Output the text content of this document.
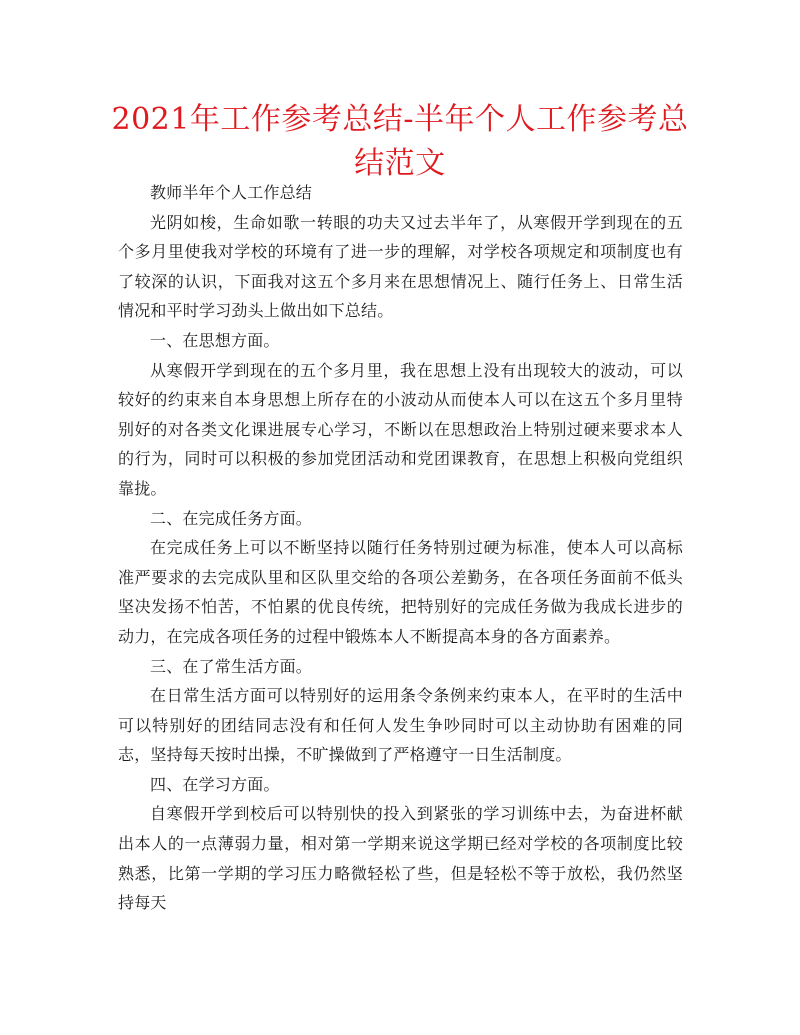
2021年工作参考总结-半年个人工作参考总结范文

教师半年个人工作总结

光阴如梭，生命如歌一转眼的功夫又过去半年了，从寒假开学到现在的五个多月里使我对学校的环境有了进一步的理解，对学校各项规定和项制度也有了较深的认识，下面我对这五个多月来在思想情况上、随行任务上、日常生活情况和平时学习劲头上做出如下总结。

一、在思想方面。

从寒假开学到现在的五个多月里，我在思想上没有出现较大的波动，可以较好的约束来自本身思想上所存在的小波动从而使本人可以在这五个多月里特别好的对各类文化课进展专心学习，不断以在思想政治上特别过硬来要求本人的行为，同时可以积极的参加党团活动和党团课教育，在思想上积极向党组织靠拢。

二、在完成任务方面。

在完成任务上可以不断坚持以随行任务特别过硬为标准，使本人可以高标准严要求的去完成队里和区队里交给的各项公差勤务，在各项任务面前不低头坚决发扬不怕苦，不怕累的优良传统，把特别好的完成任务做为我成长进步的动力，在完成各项任务的过程中锻炼本人不断提高本身的各方面素养。

三、在了常生活方面。

在日常生活方面可以特别好的运用条令条例来约束本人，在平时的生活中可以特别好的团结同志没有和任何人发生争吵同时可以主动协助有困难的同志，坚持每天按时出操，不旷操做到了严格遵守一日生活制度。

四、在学习方面。

自寒假开学到校后可以特别快的投入到紧张的学习训练中去，为奋进杯献出本人的一点薄弱力量，相对第一学期来说这学期已经对学校的各项制度比较熟悉，比第一学期的学习压力略微轻松了些，但是轻松不等于放松，我仍然坚持每天
